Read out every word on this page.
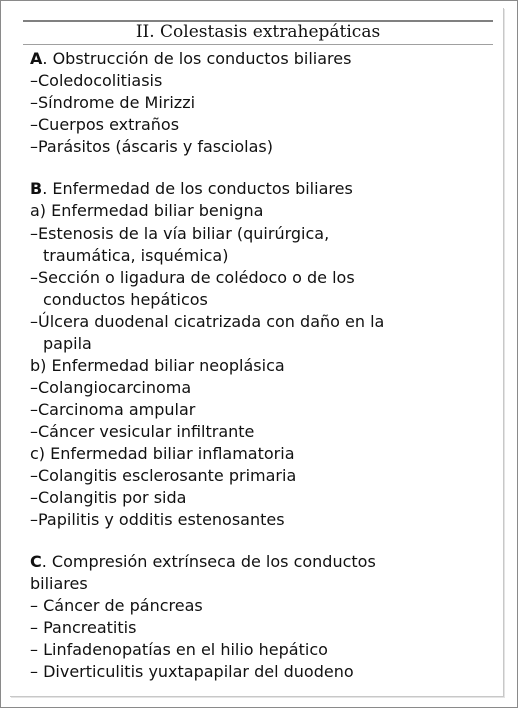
II. Colestasis extrahepáticas
A. Obstrucción de los conductos biliares
–Coledocolitiasis
–Síndrome de Mirizzi
–Cuerpos extraños
–Parásitos (áscaris y fasciolas)
B. Enfermedad de los conductos biliares
a) Enfermedad biliar benigna
–Estenosis de la vía biliar (quirúrgica,
traumática, isquémica)
–Sección o ligadura de colédoco o de los
conductos hepáticos
–Úlcera duodenal cicatrizada con daño en la
papila
b) Enfermedad biliar neoplásica
–Colangiocarcinoma
–Carcinoma ampular
–Cáncer vesicular infiltrante
c) Enfermedad biliar inflamatoria
–Colangitis esclerosante primaria
–Colangitis por sida
–Papilitis y odditis estenosantes
C. Compresión extrínseca de los conductos
biliares
– Cáncer de páncreas
– Pancreatitis
– Linfadenopatías en el hilio hepático
– Diverticulitis yuxtapapilar del duodeno
